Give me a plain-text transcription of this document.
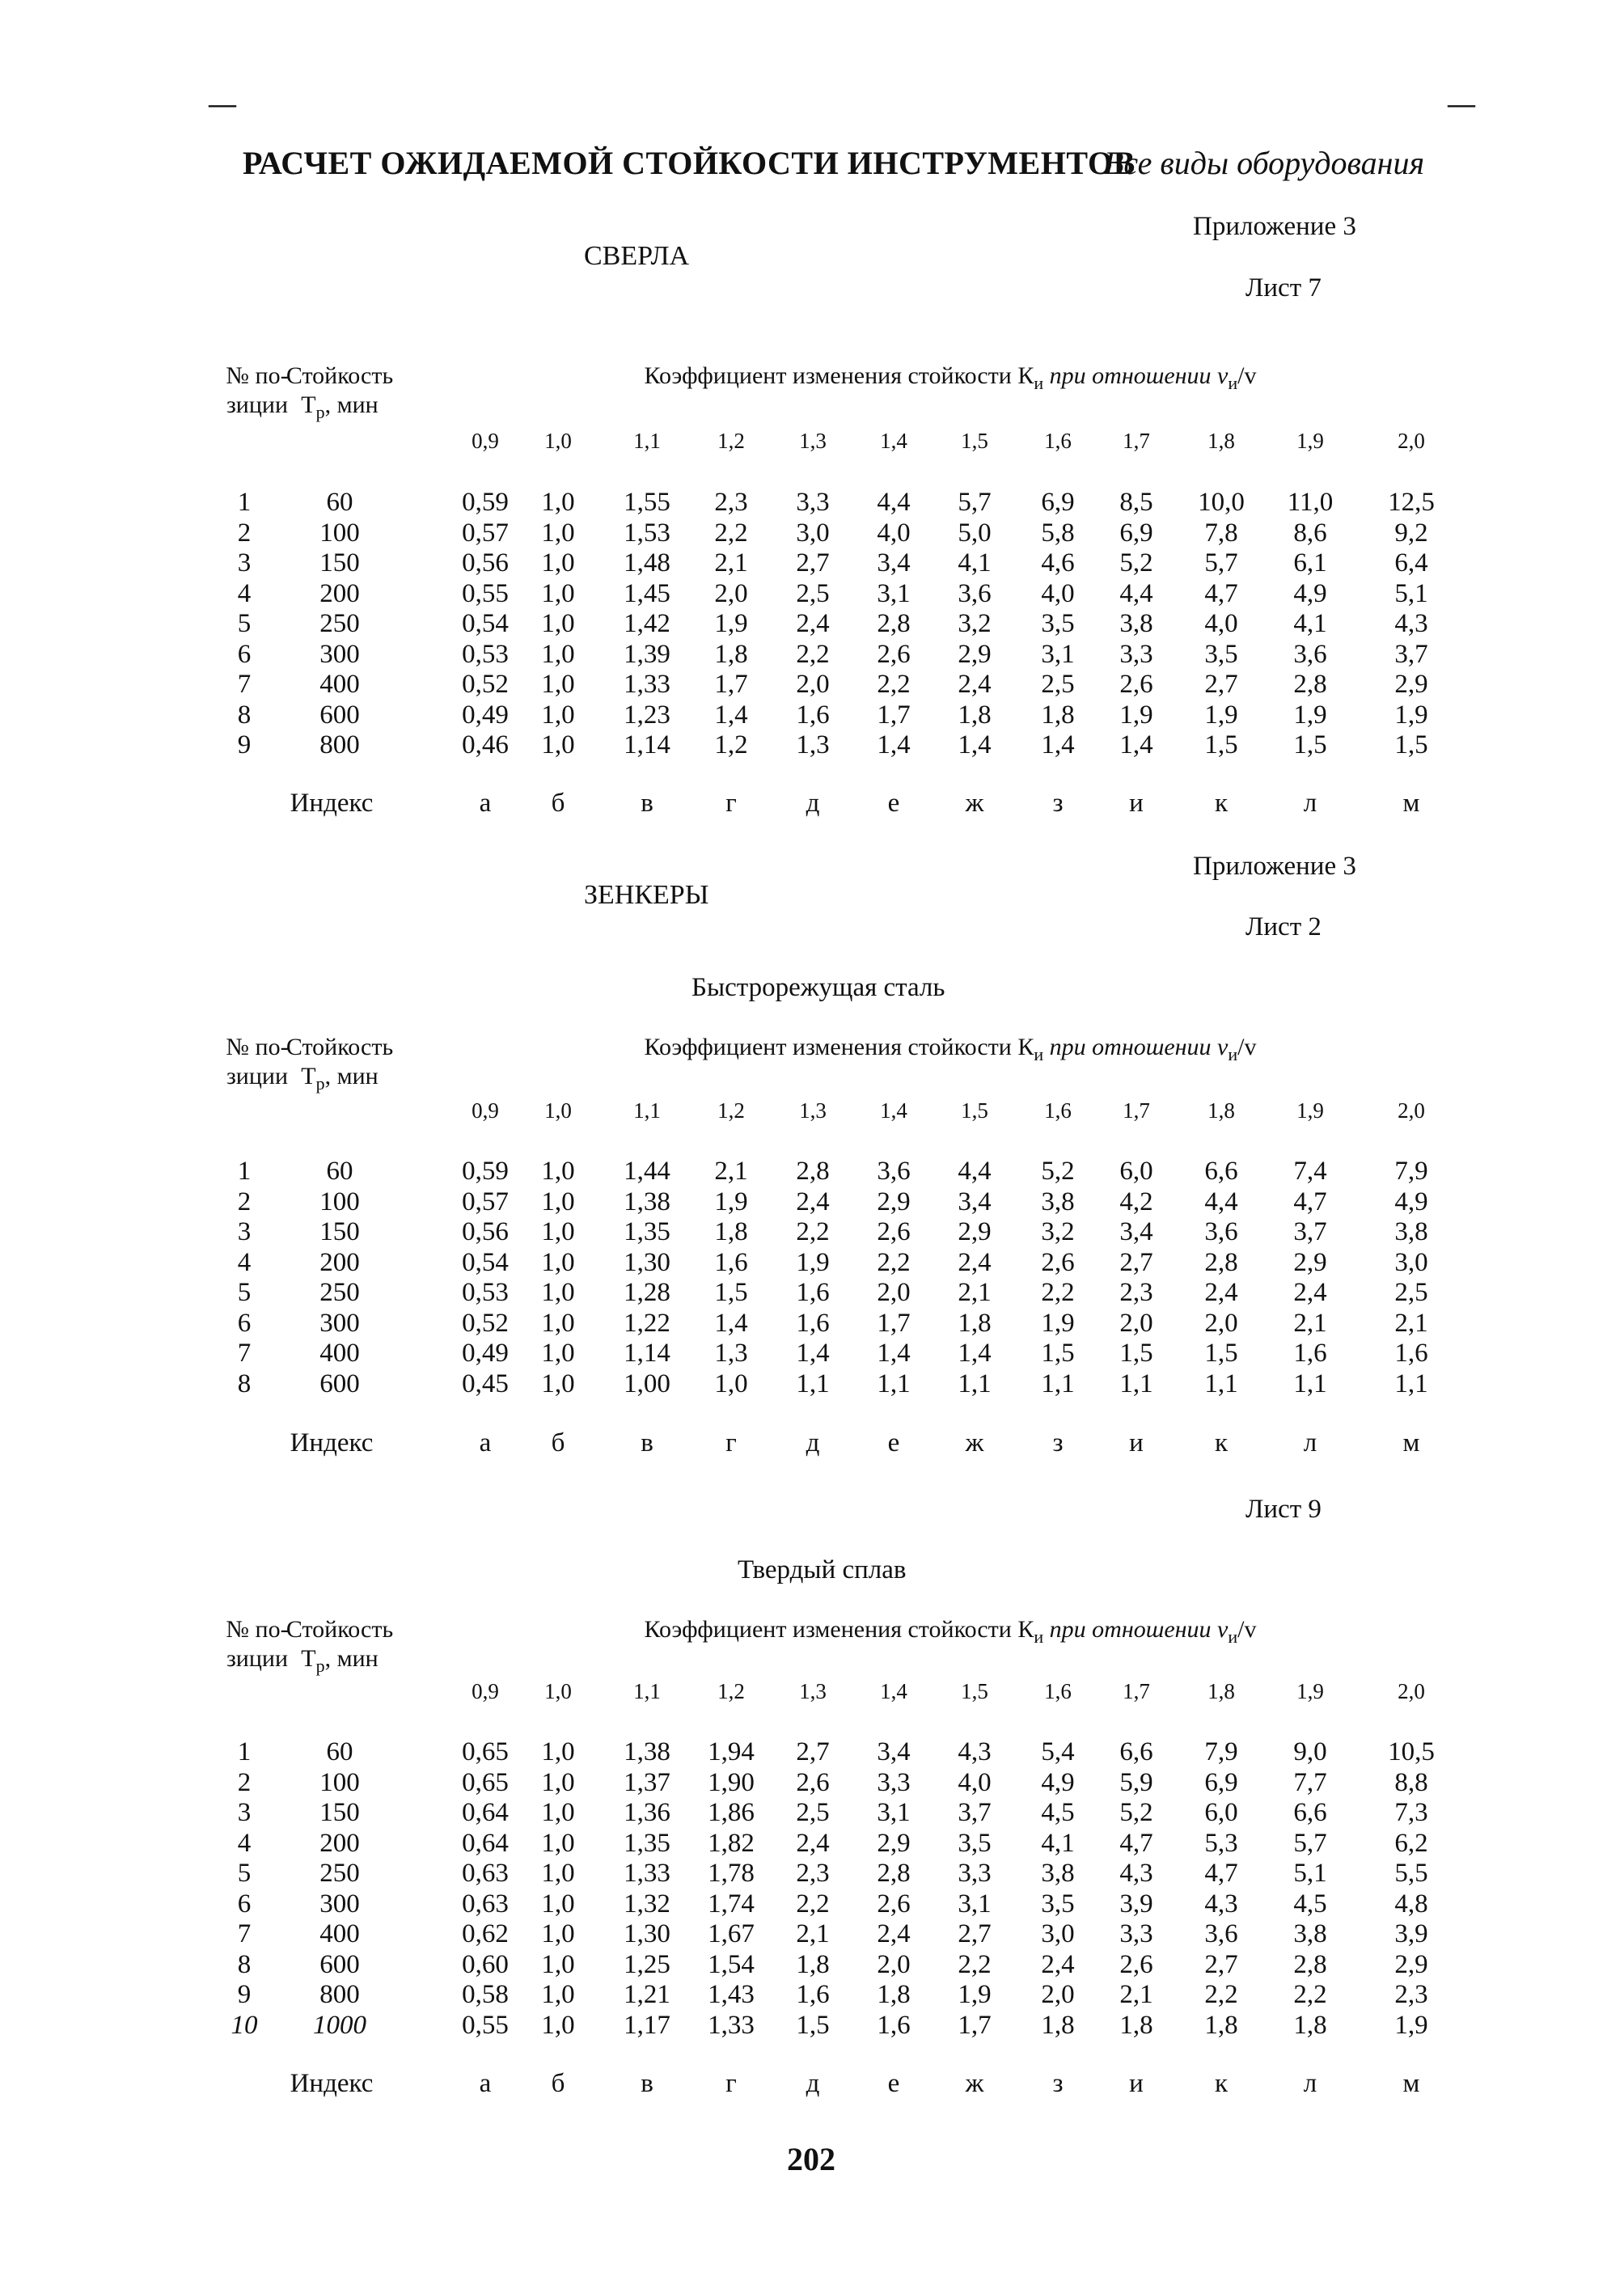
—	—
РАСЧЕТ ОЖИДАЕМОЙ СТОЙКОСТИ ИНСТРУМЕНТОВ
Все виды оборудования
Приложение 3
СВЕРЛА
Лист 7
№ по-
зиции
Стойкость
$T_р$, мин
Коэффициент изменения стойкости $К_и$ при отношении $v_и/v$
0,9 1,0	1,1	1,2 1,3 1,4 1,5	1,6 1,7	1,8	1,9	2,0
1	60	0,59 1,0 1,55 2,3 3,3 4,4 5,7 6,9 8,5 10,0 11,0 12,5
2	100	0,57 1,0 1,53 2,2 3,0 4,0 5,0 5,8 6,9 7,8 8,6	9,2
3	150	0,56 1,0 1,48 2,1 2,7 3,4 4,1 4,6 5,2 5,7 6,1	6,4
4	200	0,55 1,0 1,45 2,0 2,5 3,1 3,6 4,0 4,4 4,7 4,9	5,1
5	250	0,54 1,0 1,42 1,9 2,4 2,8 3,2 3,5 3,8 4,0 4,1	4,3
6	300	0,53 1,0 1,39 1,8 2,2 2,6 2,9 3,1 3,3 3,5 3,6	3,7
7	400	0,52 1,0 1,33 1,7 2,0 2,2 2,4 2,5 2,6 2,7 2,8	2,9
8	600	0,49 1,0 1,23 1,4 1,6 1,7 1,8 1,8 1,9 1,9 1,9	1,9
9	800	0,46 1,0 1,14 1,2 1,3 1,4 1,4 1,4 1,4 1,5 1,5	1,5
Индекс	а б	в	г	д	е ж	з и	к	л	м
Приложение 3
ЗЕНКЕРЫ
Лист 2
Быстрорежущая сталь
№ по-
зиции
Стойкость
$T_р$, мин
Коэффициент изменения стойкости $К_и$ при отношении $v_и/v$
0,9 1,0	1,1	1,2 1,3 1,4 1,5	1,6 1,7	1,8	1,9	2,0
1	60	0,59 1,0 1,44 2,1 2,8 3,6 4,4 5,2 6,0 6,6 7,4	7,9
2	100	0,57 1,0 1,38 1,9 2,4 2,9 3,4 3,8 4,2 4,4 4,7	4,9
3	150	0,56 1,0 1,35 1,8 2,2 2,6 2,9 3,2 3,4 3,6 3,7	3,8
4	200	0,54 1,0 1,30 1,6 1,9 2,2 2,4 2,6 2,7 2,8 2,9	3,0
5	250	0,53 1,0 1,28 1,5 1,6 2,0 2,1 2,2 2,3 2,4 2,4	2,5
6	300	0,52 1,0 1,22 1,4 1,6 1,7 1,8 1,9 2,0 2,0 2,1	2,1
7	400	0,49 1,0 1,14 1,3 1,4 1,4 1,4 1,5 1,5 1,5 1,6	1,6
8	600	0,45 1,0 1,00 1,0 1,1 1,1 1,1 1,1 1,1 1,1 1,1	1,1
Индекс	а б	в	г	д	е ж	з и	к	л	м
Лист 9
Твердый сплав
№ по-
зиции
Стойкость
$T_р$, мин
Коэффициент изменения стойкости $К_и$ при отношении $v_и/v$
0,9 1,0	1,1	1,2 1,3 1,4 1,5	1,6 1,7	1,8	1,9	2,0
1	60	0,65 1,0 1,38 1,94 2,7 3,4 4,3 5,4 6,6 7,9 9,0 10,5
2	100	0,65 1,0 1,37 1,90 2,6 3,3 4,0 4,9 5,9 6,9 7,7	8,8
3	150	0,64 1,0 1,36 1,86 2,5 3,1 3,7 4,5 5,2 6,0 6,6	7,3
4	200	0,64 1,0 1,35 1,82 2,4 2,9 3,5 4,1 4,7 5,3 5,7	6,2
5	250	0,63 1,0 1,33 1,78 2,3 2,8 3,3 3,8 4,3 4,7 5,1	5,5
6	300	0,63 1,0 1,32 1,74 2,2 2,6 3,1 3,5 3,9 4,3 4,5	4,8
7	400	0,62 1,0 1,30 1,67 2,1 2,4 2,7 3,0 3,3 3,6 3,8	3,9
8	600	0,60 1,0 1,25 1,54 1,8 2,0 2,2 2,4 2,6 2,7 2,8	2,9
9	800	0,58 1,0 1,21 1,43 1,6 1,8 1,9 2,0 2,1 2,2 2,2	2,3
10 1000	0,55 1,0 1,17 1,33 1,5 1,6 1,7 1,8 1,8 1,8 1,8	1,9
Индекс	а б	в	г	д	е ж	з и	к	л	м
202
